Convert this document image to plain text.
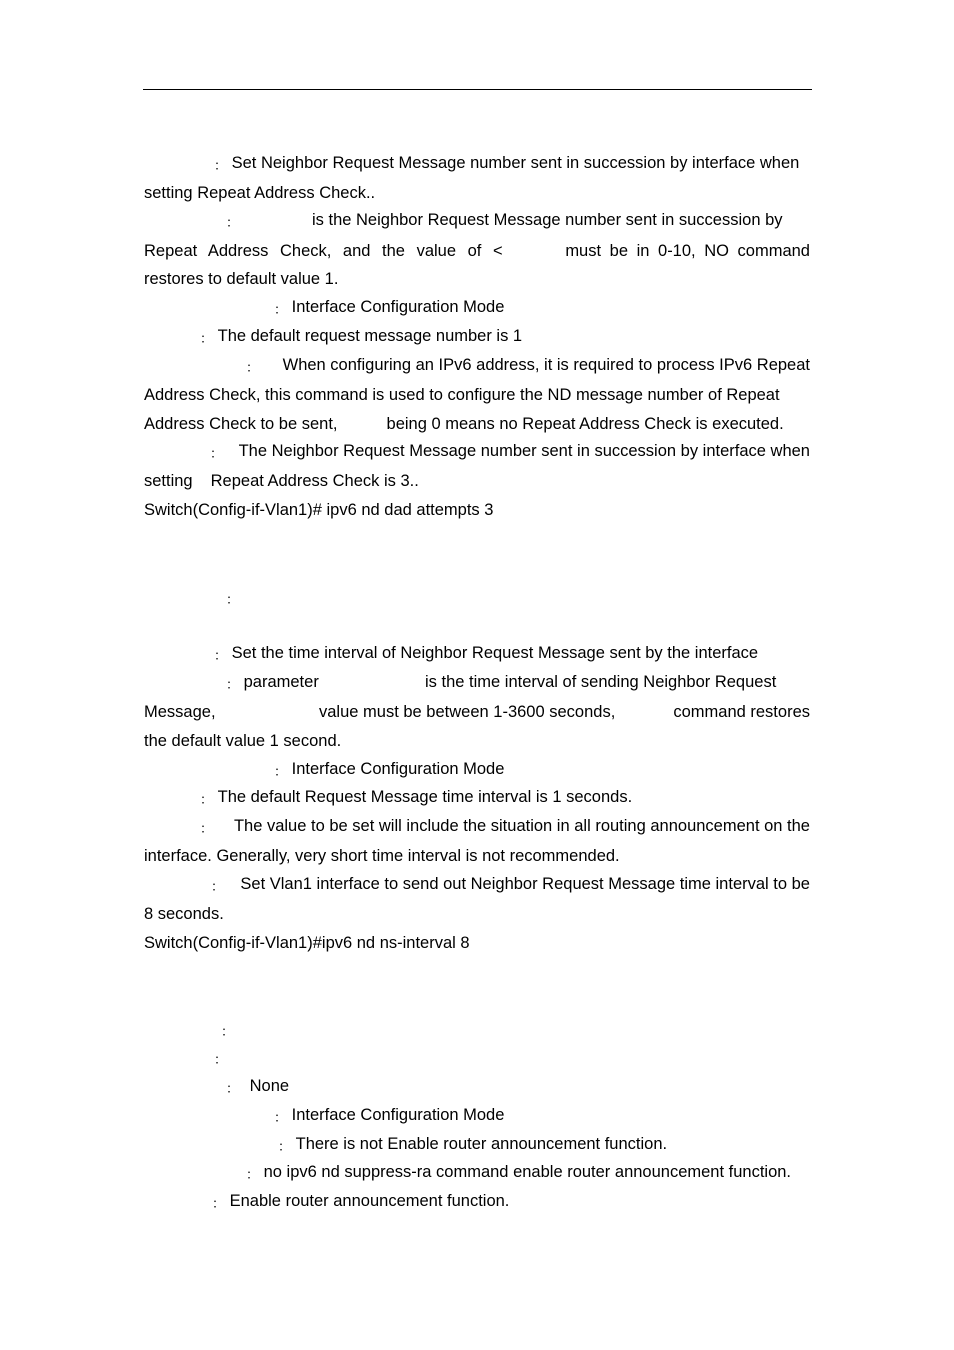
： Set Neighbor Request Message number sent in succession by interface when

setting Repeat Address Check..

：	is the Neighbor Request Message number sent in succession by

Repeat Address Check, and the value of <	must be in 0-10, NO command

restores to default value 1.

： Interface Configuration Mode

： The default request message number is 1

： When configuring an IPv6 address, it is required to process IPv6 Repeat

Address Check, this command is used to configure the ND message number of Repeat

Address Check to be sent,	being 0 means no Repeat Address Check is executed.

： The Neighbor Request Message number sent in succession by interface when

setting Repeat Address Check is 3..

Switch(Config-if-Vlan1)# ipv6 nd dad attempts 3

：

： Set the time interval of Neighbor Request Message sent by the interface

： parameter	is the time interval of sending Neighbor Request

Message,	value must be between 1-3600 seconds,	command restores

the default value 1 second.

： Interface Configuration Mode

： The default Request Message time interval is 1 seconds.

： The value to be set will include the situation in all routing announcement on the

interface. Generally, very short time interval is not recommended.

： Set Vlan1 interface to send out Neighbor Request Message time interval to be

8 seconds.

Switch(Config-if-Vlan1)#ipv6 nd ns-interval 8

：

：

： None

： Interface Configuration Mode

： There is not Enable router announcement function.

： no ipv6 nd suppress-ra command enable router announcement function.

： Enable router announcement function.
